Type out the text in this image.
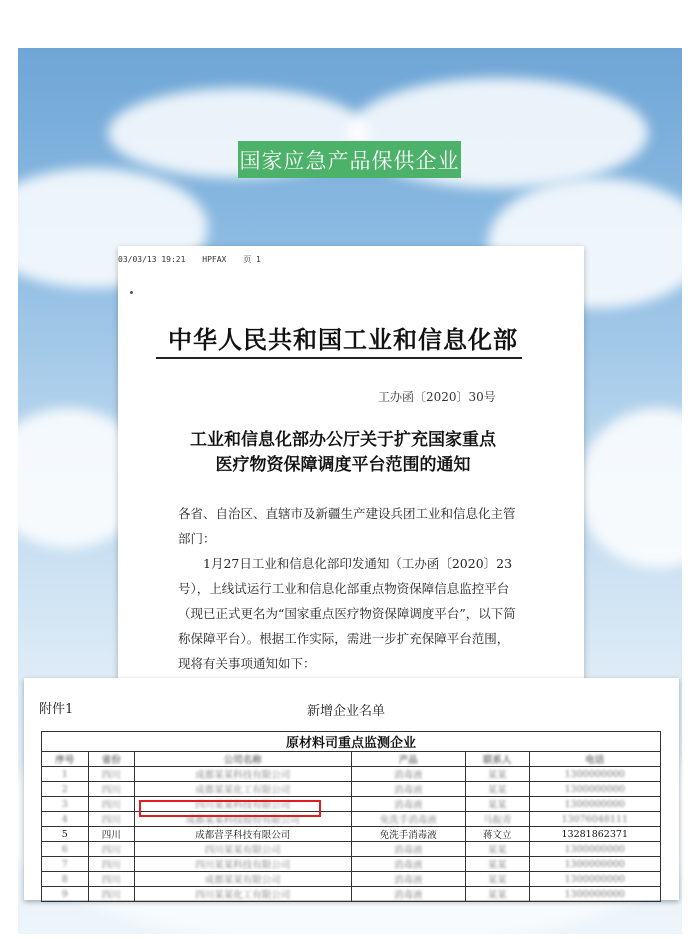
国家应急产品保供企业
03/03/13 19:21 HPFAX 页 1
中华人民共和国工业和信息化部
工办函〔2020〕30号
工业和信息化部办公厅关于扩充国家重点
医疗物资保障调度平台范围的通知

各省、自治区、直辖市及新疆生产建设兵团工业和信息化主管部门：

1月27日工业和信息化部印发通知（工办函〔2020〕23号），上线试运行工业和信息化部重点物资保障信息监控平台（现已正式更名为“国家重点医疗物资保障调度平台”，以下简称保障平台）。根据工作实际，需进一步扩充保障平台范围，现将有关事项通知如下：

附件1	新增企业名单
原材料司重点监测企业					
序号	省份	公司名称	产品	联系人	电话
1	四川	成都某某科技有限公司	消毒液	某某	1300000000
2	四川	成都某某化工有限公司	消毒液	某某	1300000000
3	四川	四川某某科技有限公司	消毒液	某某	1300000000
4	四川	成都某某科技股份有限公司	免洗手消毒液	马振青	13076048111
5	四川	成都营孚科技有限公司	免洗手消毒液	蒋文立	13281862371
6	四川	四川某某有限公司	消毒液	某某	1300000000
7	四川	四川某某科技有限公司	消毒液	某某	1300000000
8	四川	成都某某有限公司	消毒液	某某	1300000000
9	四川	四川某某化工有限公司	消毒液	某某	1300000000
